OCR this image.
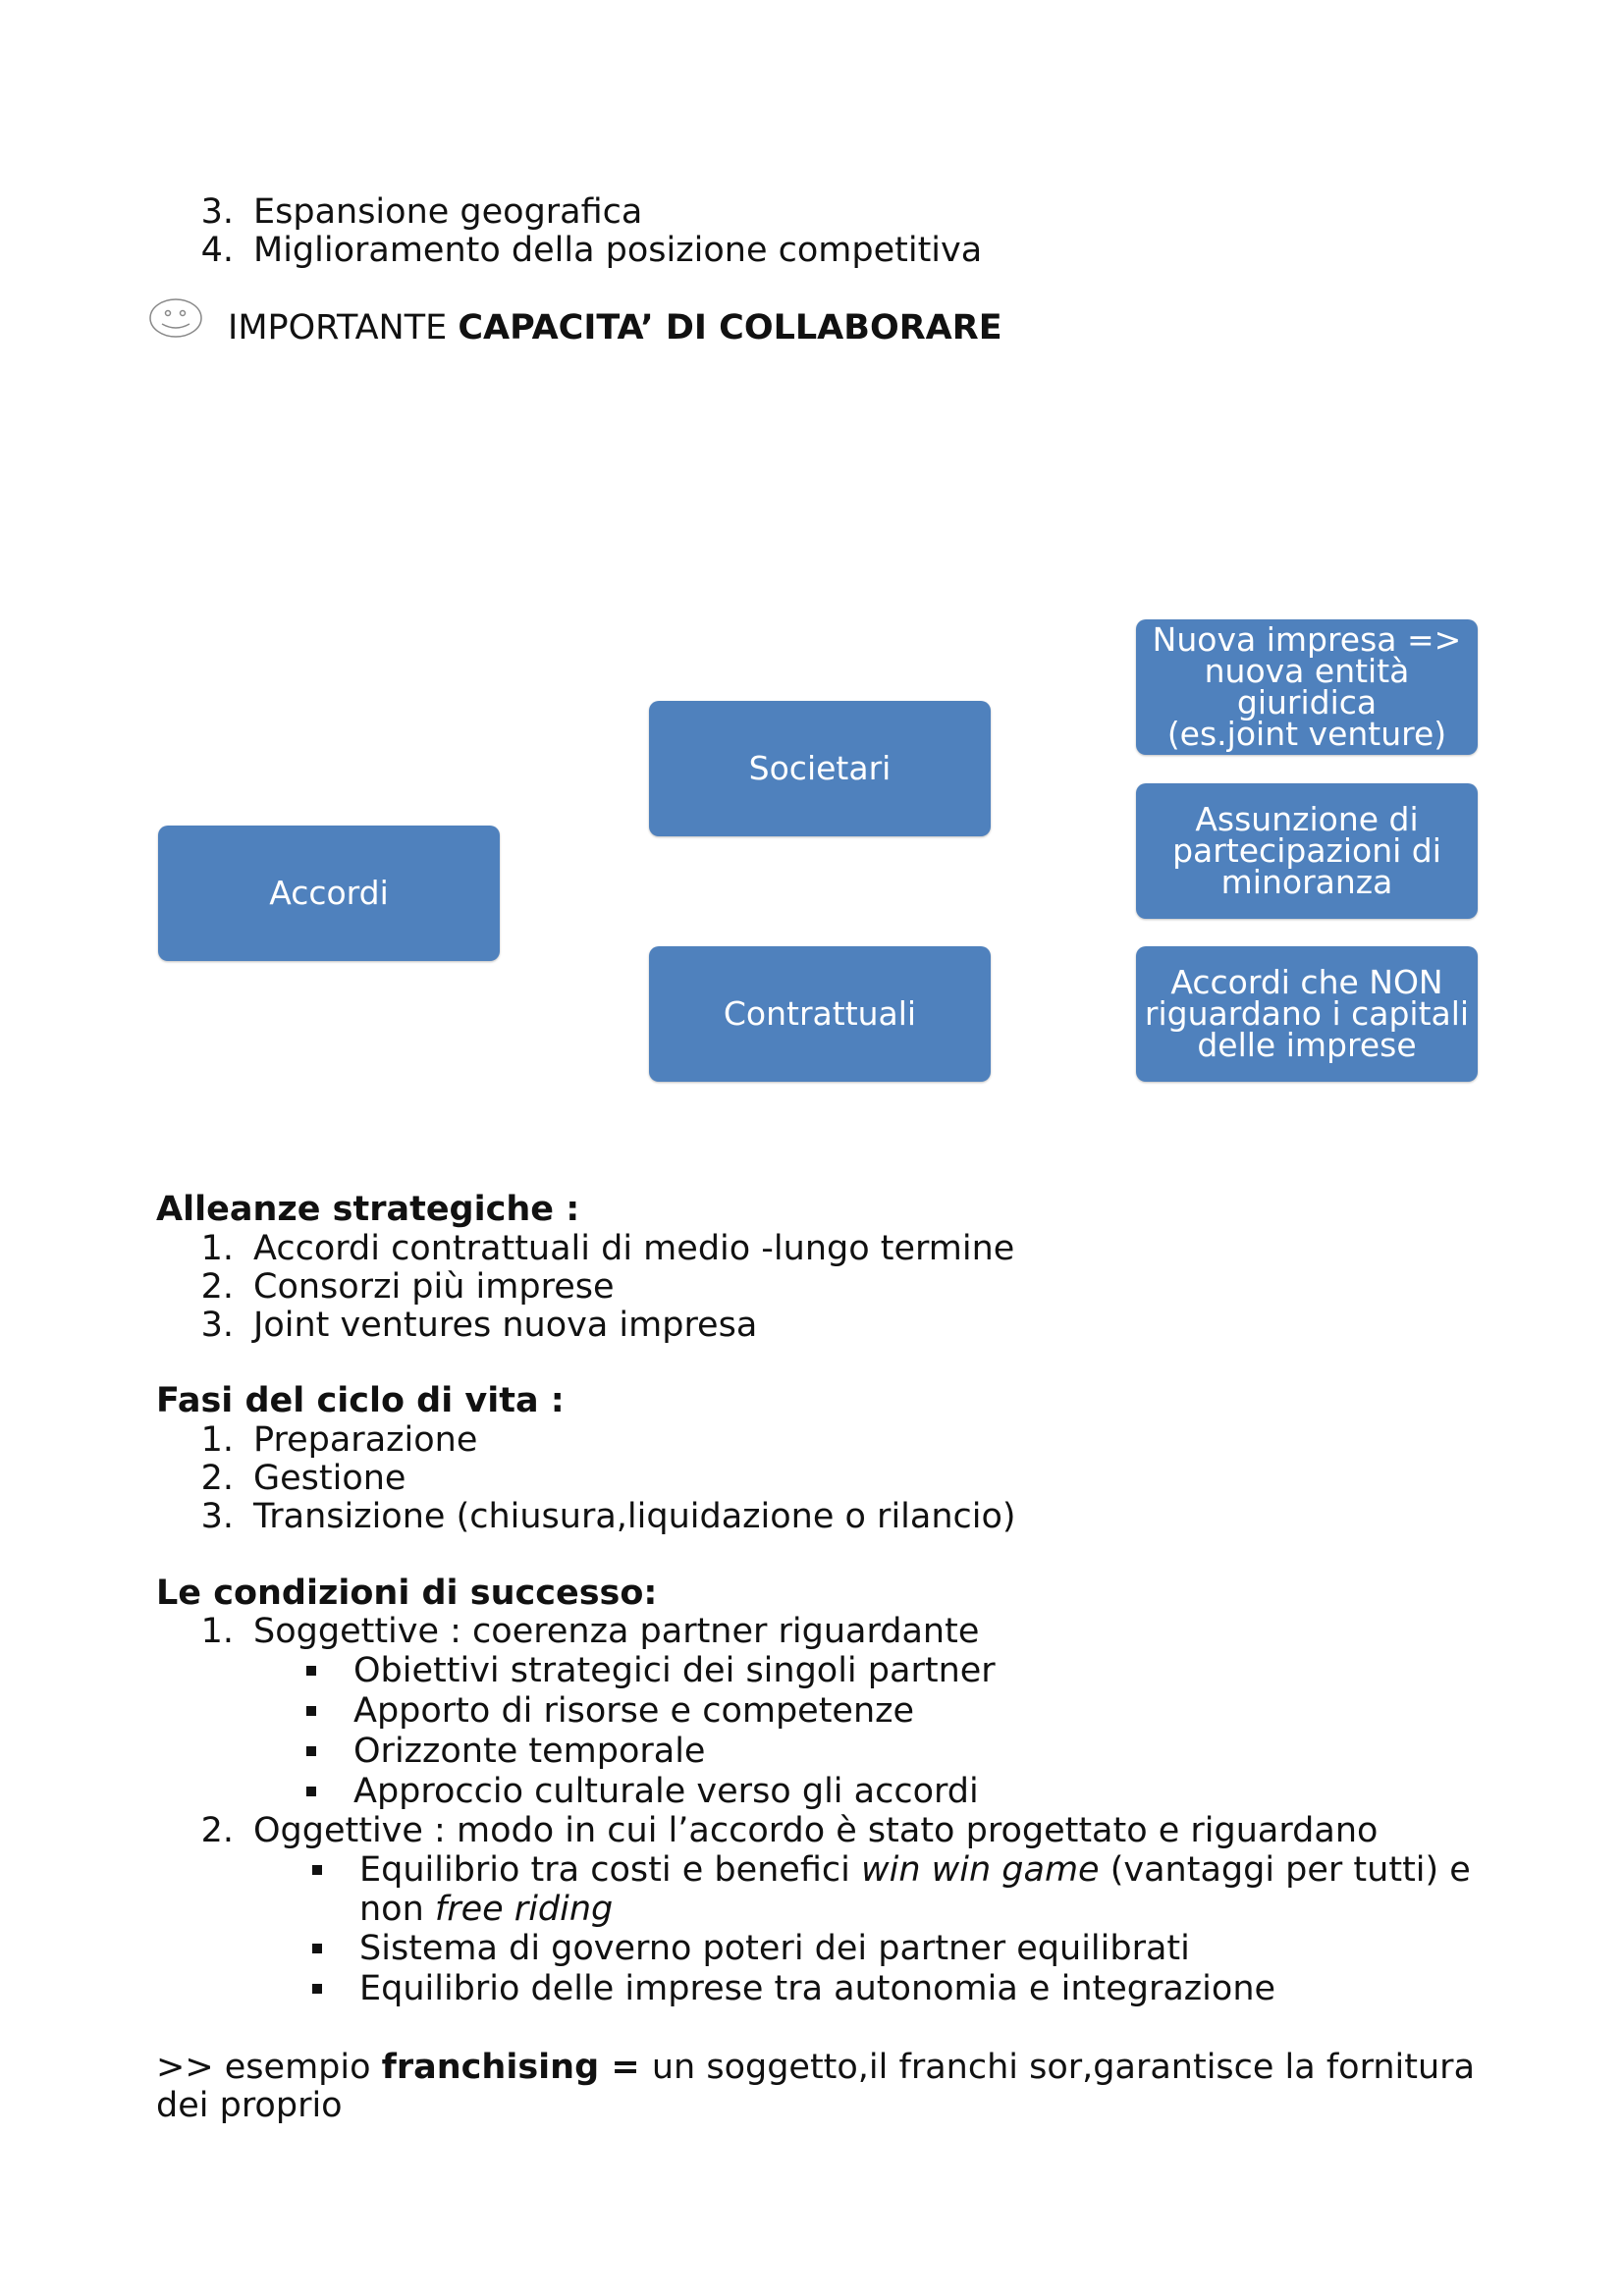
3. Espansione geografica
4. Miglioramento della posizione competitiva
IMPORTANTE CAPACITA’ DI COLLABORARE
Accordi
Societari
Contrattuali
Nuova impresa =>
nuova entità giuridica
(es.joint venture)
Assunzione di
partecipazioni di
minoranza
Accordi che NON
riguardano i capitali
delle imprese
Alleanze strategiche :
1. Accordi contrattuali di medio -lungo termine
2. Consorzi più imprese
3. Joint ventures nuova impresa
Fasi del ciclo di vita :
1. Preparazione
2. Gestione
3. Transizione (chiusura,liquidazione o rilancio)
Le condizioni di successo:
1. Soggettive : coerenza partner riguardante
Obiettivi strategici dei singoli partner
Apporto di risorse e competenze
Orizzonte temporale
Approccio culturale verso gli accordi
2. Oggettive : modo in cui l’accordo è stato progettato e riguardano
Equilibrio tra costi e benefici win win game (vantaggi per tutti) e
non free riding
Sistema di governo poteri dei partner equilibrati
Equilibrio delle imprese tra autonomia e integrazione
>> esempio franchising = un soggetto,il franchi sor,garantisce la fornitura
dei proprio
